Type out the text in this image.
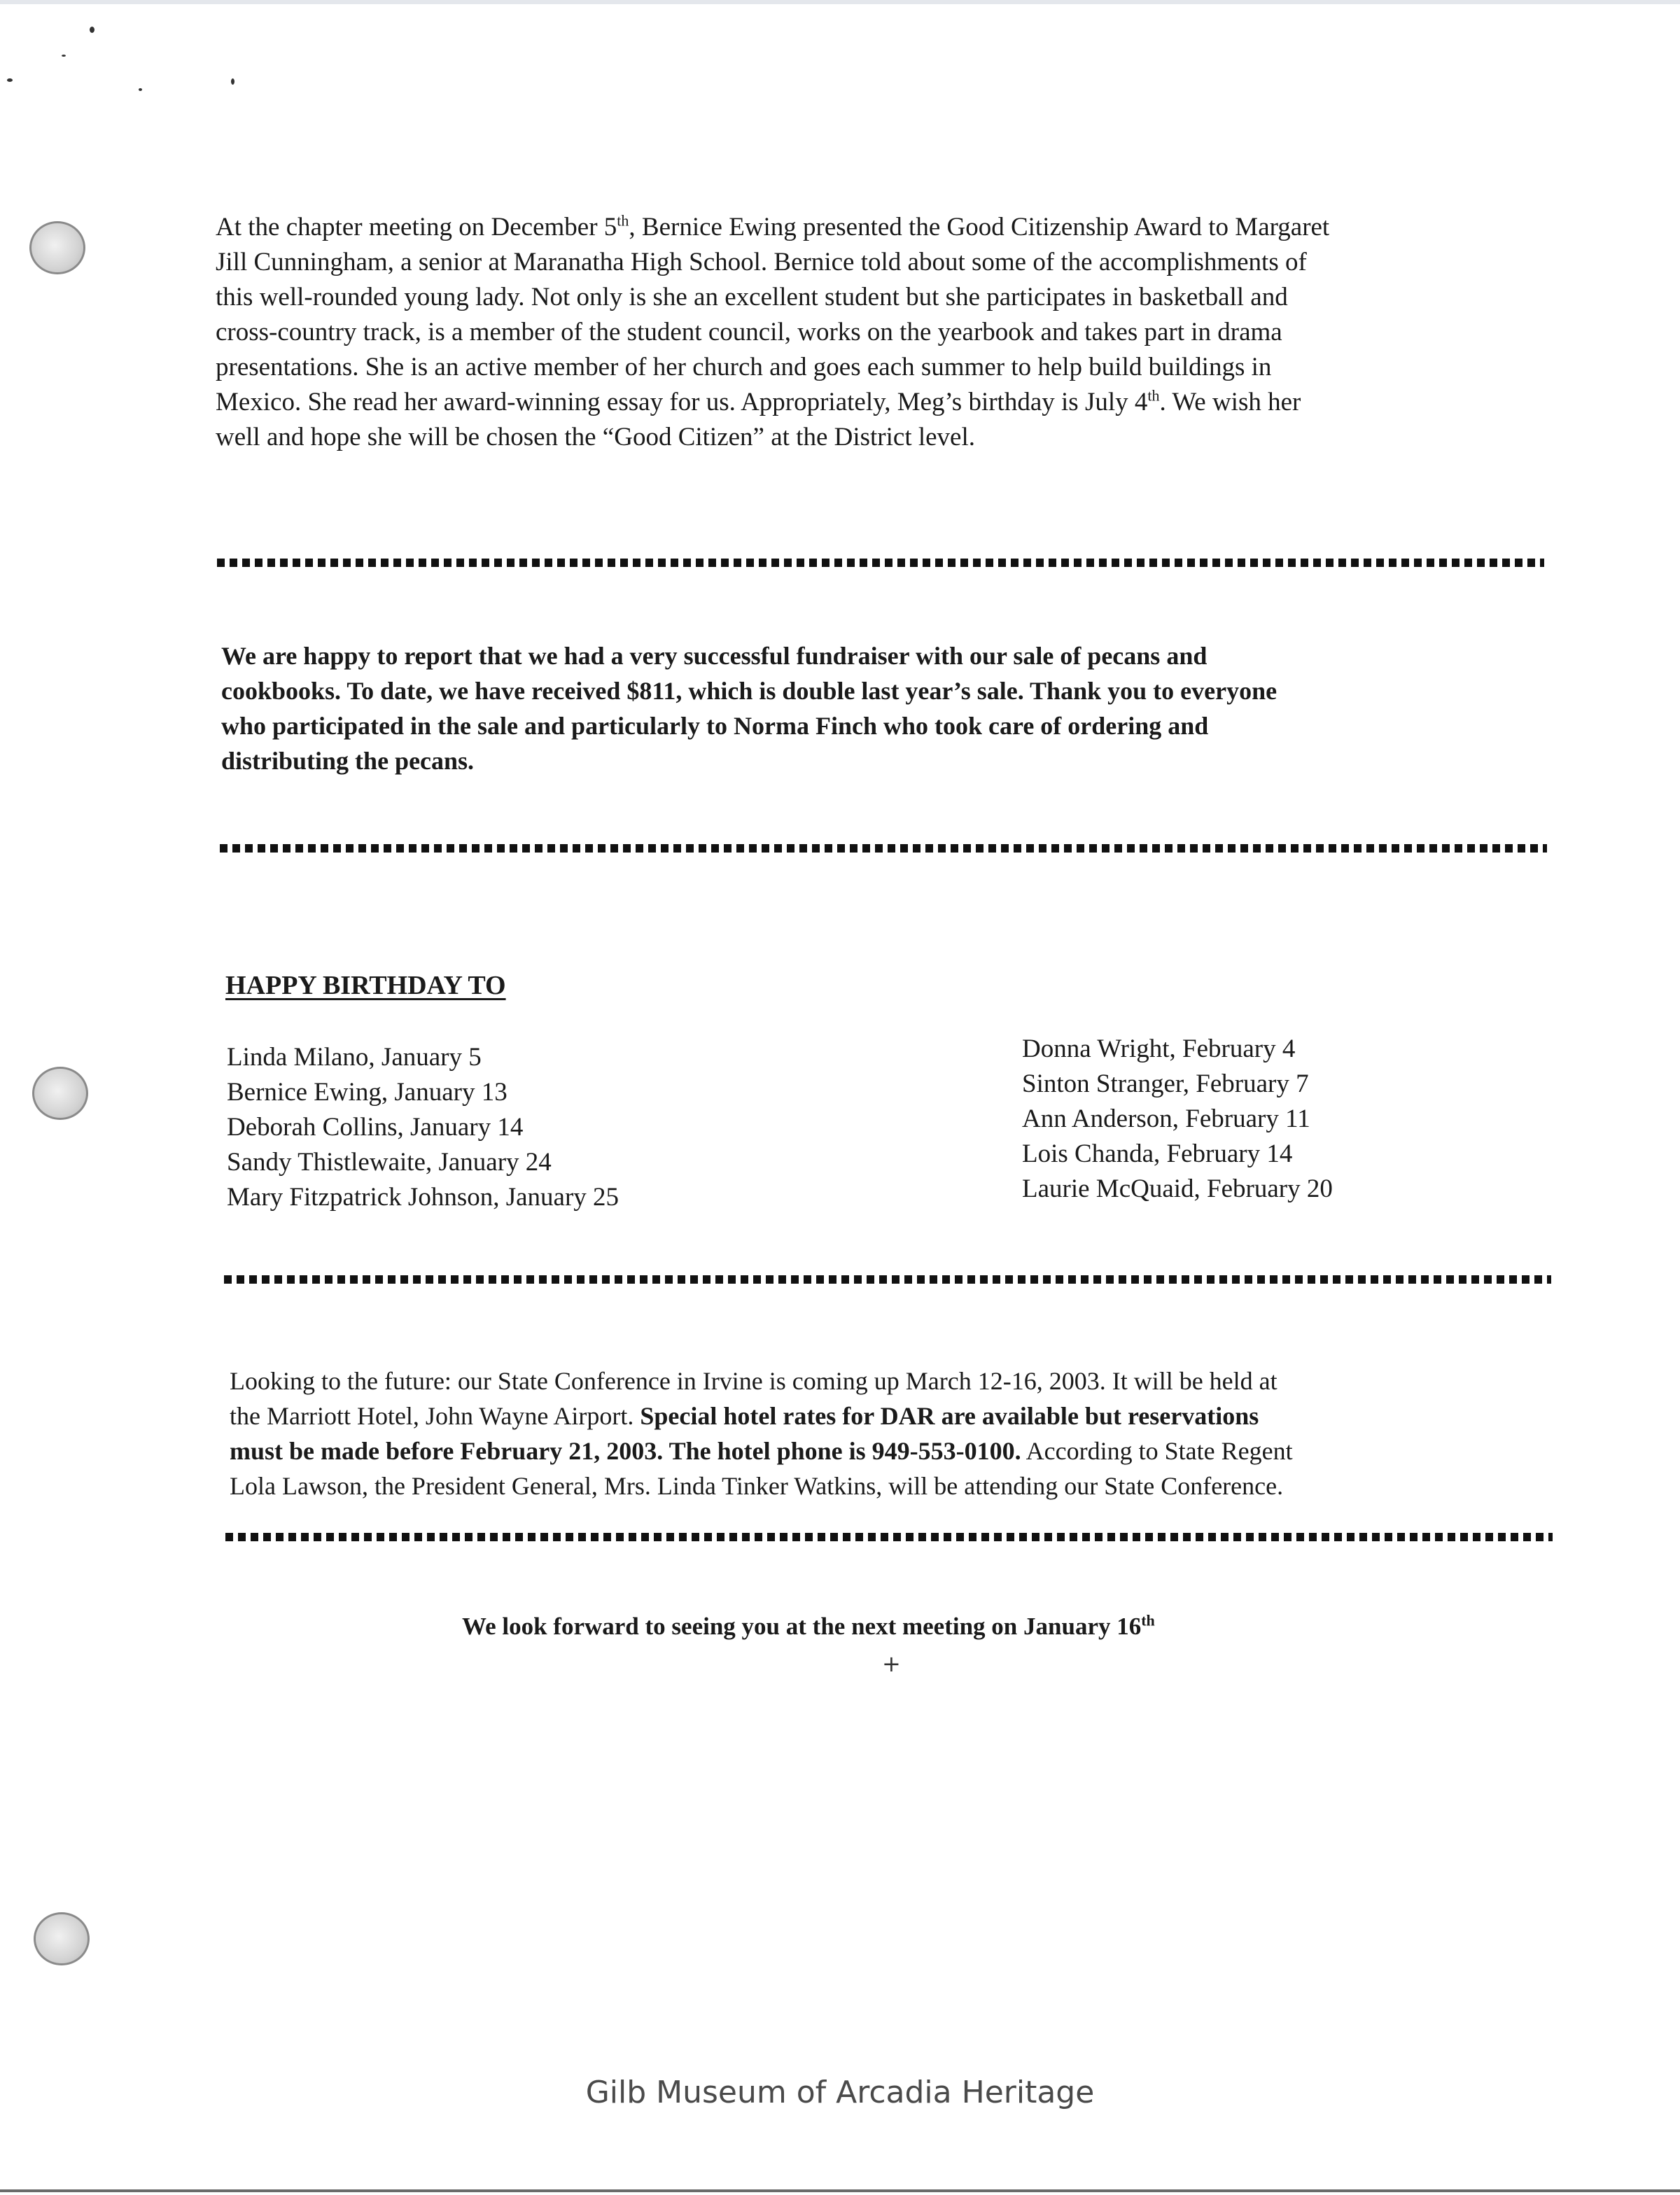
At the chapter meeting on December 5th, Bernice Ewing presented the Good Citizenship Award to Margaret
Jill Cunningham, a senior at Maranatha High School. Bernice told about some of the accomplishments of
this well-rounded young lady. Not only is she an excellent student but she participates in basketball and
cross-country track, is a member of the student council, works on the yearbook and takes part in drama
presentations. She is an active member of her church and goes each summer to help build buildings in
Mexico. She read her award-winning essay for us. Appropriately, Meg’s birthday is July 4th. We wish her
well and hope she will be chosen the “Good Citizen” at the District level.
We are happy to report that we had a very successful fundraiser with our sale of pecans and
cookbooks. To date, we have received $811, which is double last year’s sale. Thank you to everyone
who participated in the sale and particularly to Norma Finch who took care of ordering and
distributing the pecans.
HAPPY BIRTHDAY TO
Linda Milano, January 5
Bernice Ewing, January 13
Deborah Collins, January 14
Sandy Thistlewaite, January 24
Mary Fitzpatrick Johnson, January 25
Donna Wright, February 4
Sinton Stranger, February 7
Ann Anderson, February 11
Lois Chanda, February 14
Laurie McQuaid, February 20
Looking to the future: our State Conference in Irvine is coming up March 12-16, 2003. It will be held at
the Marriott Hotel, John Wayne Airport. Special hotel rates for DAR are available but reservations
must be made before February 21, 2003. The hotel phone is 949-553-0100. According to State Regent
Lola Lawson, the President General, Mrs. Linda Tinker Watkins, will be attending our State Conference.

We look forward to seeing you at the next meeting on January 16th

+

Gilb Museum of Arcadia Heritage
